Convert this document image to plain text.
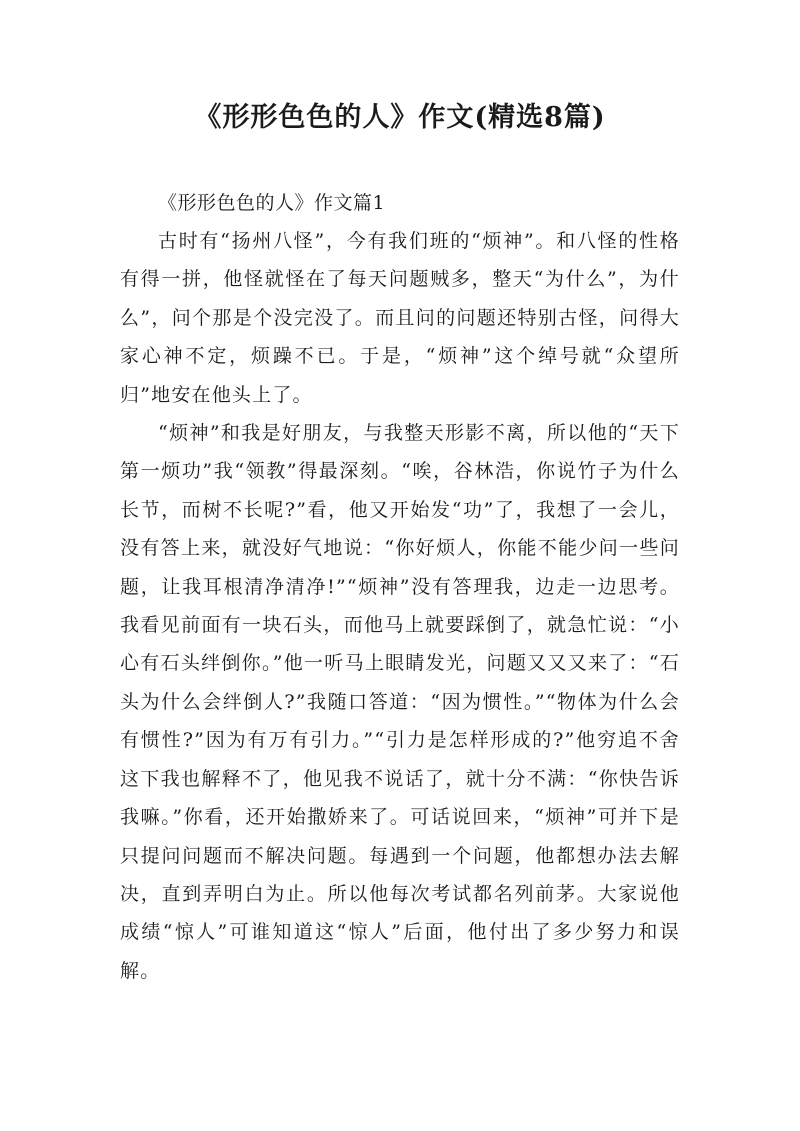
《形形色色的人》作文(精选8篇)

《形形色色的人》作文篇1

古时有“扬州八怪”，今有我们班的“烦神”。和八怪的性格有得一拼，他怪就怪在了每天问题贼多，整天“为什么”，为什么”，问个那是个没完没了。而且问的问题还特别古怪，问得大家心神不定，烦躁不已。于是，“烦神”这个绰号就“众望所归”地安在他头上了。

“烦神”和我是好朋友，与我整天形影不离，所以他的“天下第一烦功”我“领教”得最深刻。“唉，谷林浩，你说竹子为什么长节，而树不长呢?”看，他又开始发“功”了，我想了一会儿，没有答上来，就没好气地说：“你好烦人，你能不能少问一些问题，让我耳根清净清净!”“烦神”没有答理我，边走一边思考。我看见前面有一块石头，而他马上就要踩倒了，就急忙说：“小心有石头绊倒你。”他一听马上眼睛发光，问题又又又来了：“石头为什么会绊倒人?”我随口答道：“因为惯性。”“物体为什么会有惯性?”因为有万有引力。”“引力是怎样形成的?”他穷追不舍这下我也解释不了，他见我不说话了，就十分不满：“你快告诉我嘛。”你看，还开始撒娇来了。可话说回来，“烦神”可并下是只提问问题而不解决问题。每遇到一个问题，他都想办法去解决，直到弄明白为止。所以他每次考试都名列前茅。大家说他成绩“惊人”可谁知道这“惊人”后面，他付出了多少努力和误解。
